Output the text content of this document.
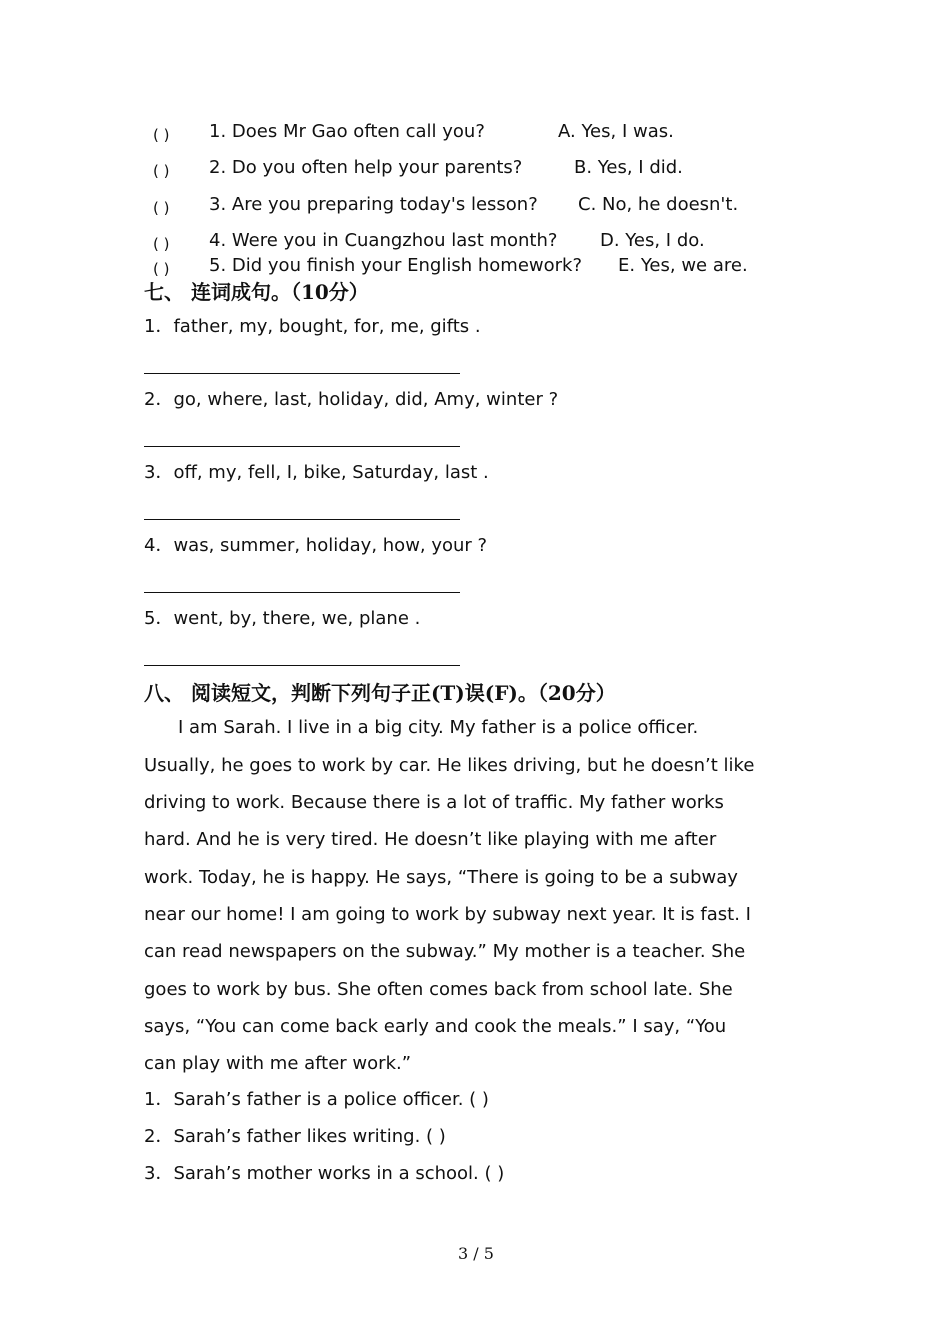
( ) 1. Does Mr Gao often call you?	A. Yes, I was.
( ) 2. Do you often help your parents?	B. Yes, I did.
( ) 3. Are you preparing today's lesson? C. No, he doesn't.
( ) 4. Were you in Cuangzhou last month? D. Yes, I do.
( ) 5. Did you finish your English homework? E. Yes, we are.
七、 连词成句。（10分）
1．father, my, bought, for, me, gifts .
2．go, where, last, holiday, did, Amy, winter ?
3．off, my, fell, I, bike, Saturday, last .
4．was, summer, holiday, how, your ?
5．went, by, there, we, plane .
八、 阅读短文，判断下列句子正(T)误(F)。（20分）
I am Sarah. I live in a big city. My father is a police officer.
Usually, he goes to work by car. He likes driving, but he doesn’t like
driving to work. Because there is a lot of traffic. My father works
hard. And he is very tired. He doesn’t like playing with me after
work. Today, he is happy. He says, “There is going to be a subway
near our home! I am going to work by subway next year. It is fast. I
can read newspapers on the subway.” My mother is a teacher. She
goes to work by bus. She often comes back from school late. She
says, “You can come back early and cook the meals.” I say, “You
can play with me after work.”
1．Sarah’s father is a police officer. ( )
2．Sarah’s father likes writing. ( )
3．Sarah’s mother works in a school. ( )
3 / 5
